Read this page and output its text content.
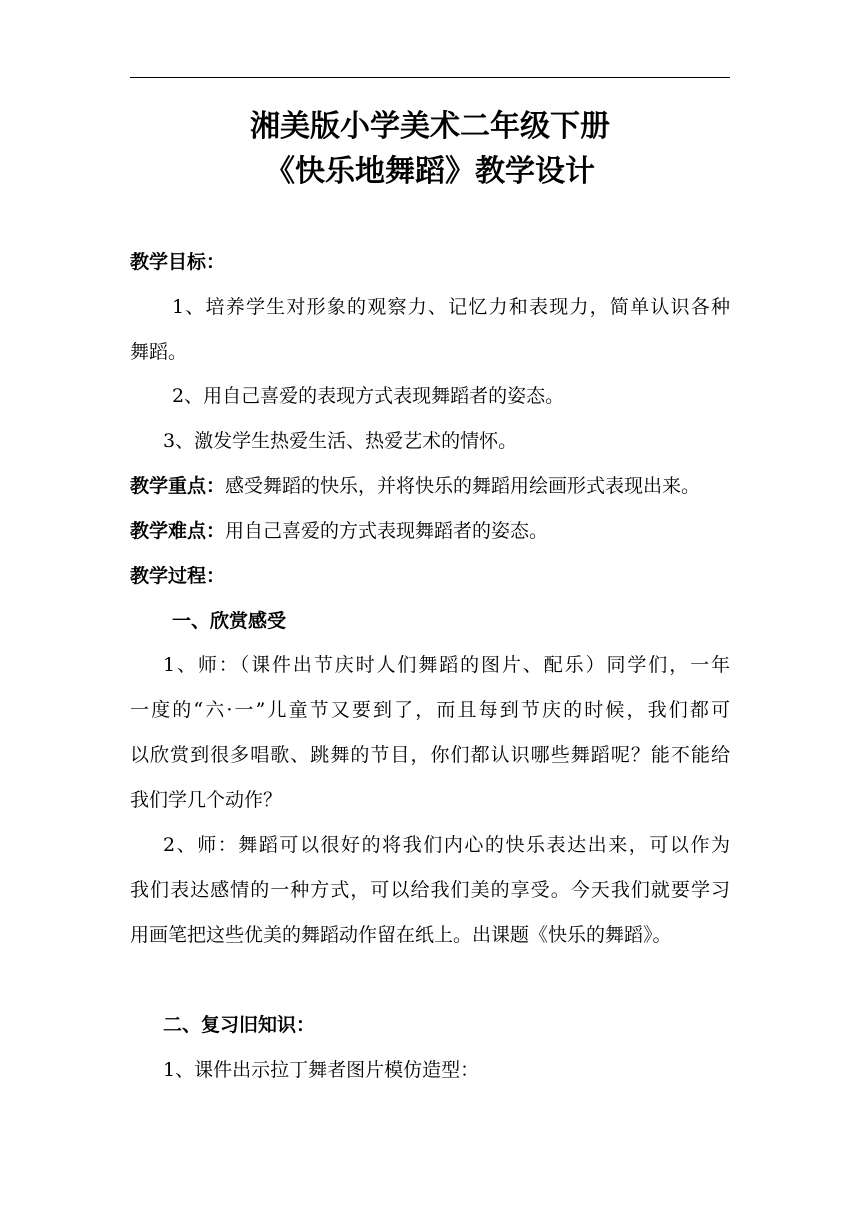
湘美版小学美术二年级下册
《快乐地舞蹈》教学设计
教学目标：
1、培养学生对形象的观察力、记忆力和表现力，简单认识各种
舞蹈。
2、用自己喜爱的表现方式表现舞蹈者的姿态。
3、激发学生热爱生活、热爱艺术的情怀。
教学重点：感受舞蹈的快乐，并将快乐的舞蹈用绘画形式表现出来。
教学难点：用自己喜爱的方式表现舞蹈者的姿态。
教学过程：
一、欣赏感受
1、师：（课件出节庆时人们舞蹈的图片、配乐）同学们，一年
一度的“六·一”儿童节又要到了，而且每到节庆的时候，我们都可
以欣赏到很多唱歌、跳舞的节目，你们都认识哪些舞蹈呢？能不能给
我们学几个动作？
2、师：舞蹈可以很好的将我们内心的快乐表达出来，可以作为
我们表达感情的一种方式，可以给我们美的享受。今天我们就要学习
用画笔把这些优美的舞蹈动作留在纸上。出课题《快乐的舞蹈》。
二、复习旧知识：
1、课件出示拉丁舞者图片模仿造型：
